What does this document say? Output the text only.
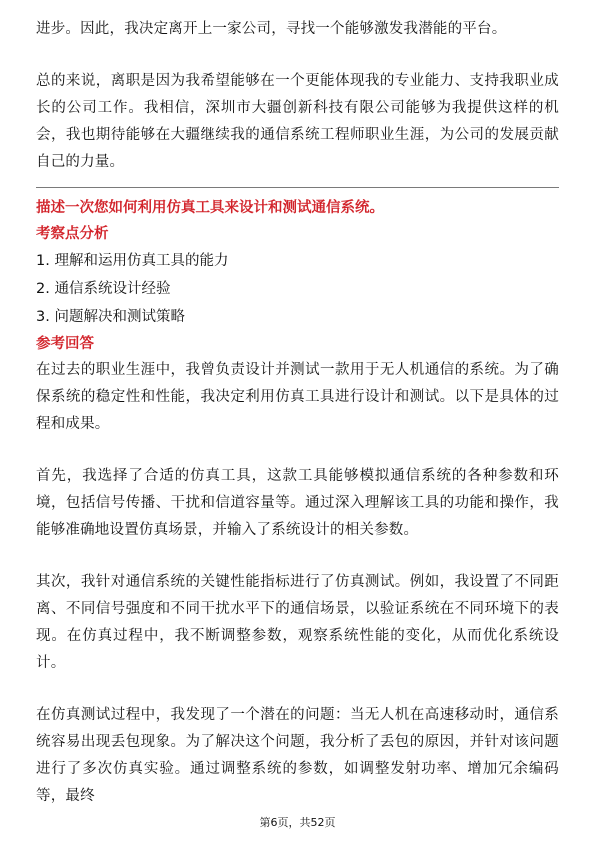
进步。因此，我决定离开上一家公司，寻找一个能够激发我潜能的平台。

总的来说，离职是因为我希望能够在一个更能体现我的专业能力、支持我职业成长的公司工作。我相信，深圳市大疆创新科技有限公司能够为我提供这样的机会，我也期待能够在大疆继续我的通信系统工程师职业生涯，为公司的发展贡献自己的力量。

描述一次您如何利用仿真工具来设计和测试通信系统。
考察点分析
1. 理解和运用仿真工具的能力
2. 通信系统设计经验
3. 问题解决和测试策略
参考回答

在过去的职业生涯中，我曾负责设计并测试一款用于无人机通信的系统。为了确保系统的稳定性和性能，我决定利用仿真工具进行设计和测试。以下是具体的过程和成果。

首先，我选择了合适的仿真工具，这款工具能够模拟通信系统的各种参数和环境，包括信号传播、干扰和信道容量等。通过深入理解该工具的功能和操作，我能够准确地设置仿真场景，并输入了系统设计的相关参数。

其次，我针对通信系统的关键性能指标进行了仿真测试。例如，我设置了不同距离、不同信号强度和不同干扰水平下的通信场景，以验证系统在不同环境下的表现。在仿真过程中，我不断调整参数，观察系统性能的变化，从而优化系统设计。

在仿真测试过程中，我发现了一个潜在的问题：当无人机在高速移动时，通信系统容易出现丢包现象。为了解决这个问题，我分析了丢包的原因，并针对该问题进行了多次仿真实验。通过调整系统的参数，如调整发射功率、增加冗余编码等，最终

第6页，共52页
